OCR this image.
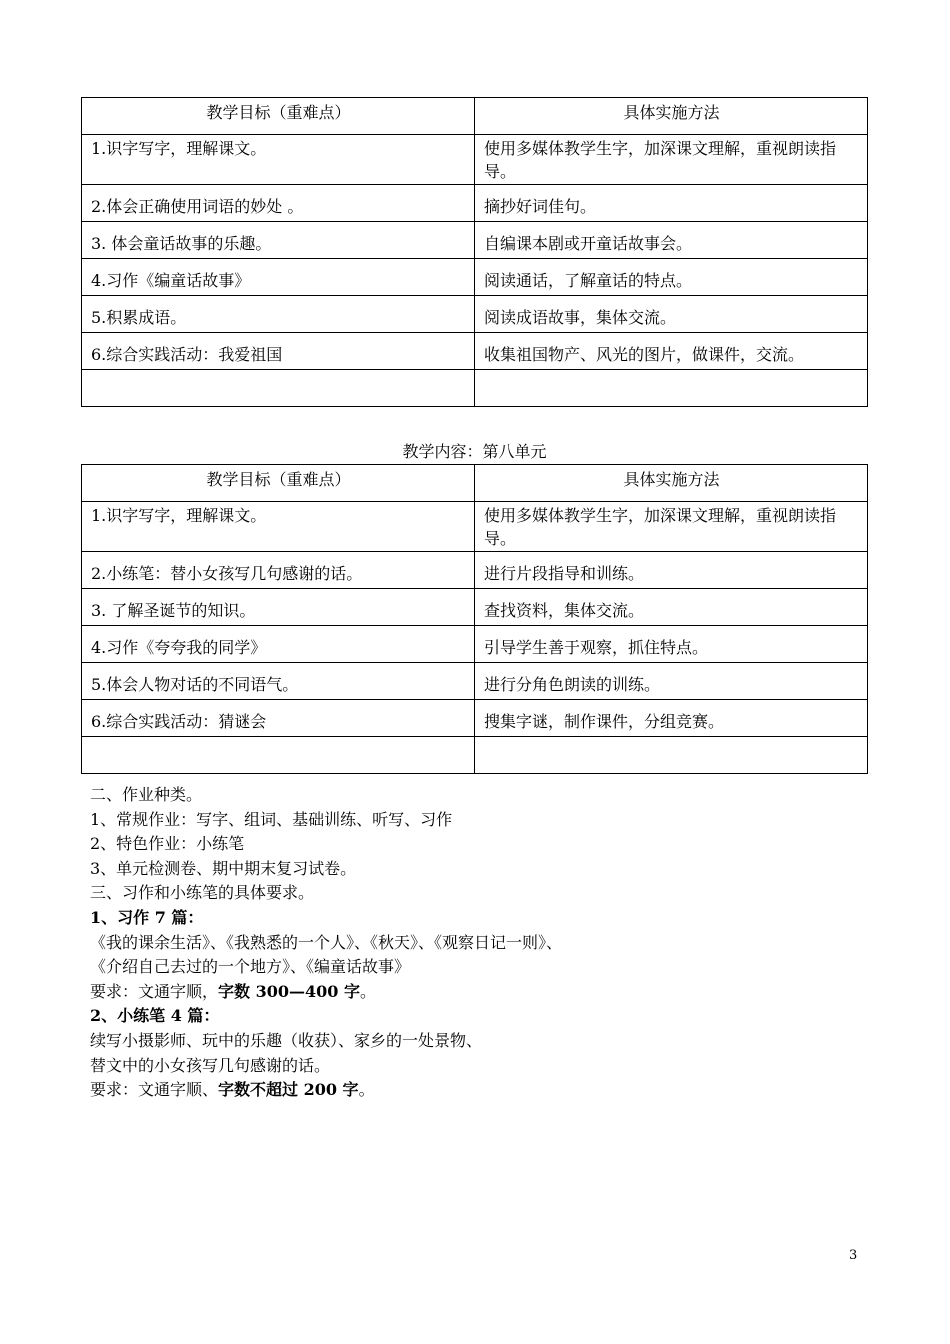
教学目标（重难点）	具体实施方法
1.识字写字，理解课文。	使用多媒体教学生字，加深课文理解，重视朗读指导。
2.体会正确使用词语的妙处 。	摘抄好词佳句。
3. 体会童话故事的乐趣。	自编课本剧或开童话故事会。
4.习作《编童话故事》	阅读通话，了解童话的特点。
5.积累成语。	阅读成语故事，集体交流。
6.综合实践活动：我爱祖国	收集祖国物产、风光的图片，做课件，交流。

教学内容：第八单元
教学目标（重难点）	具体实施方法
1.识字写字，理解课文。	使用多媒体教学生字，加深课文理解，重视朗读指导。
2.小练笔：替小女孩写几句感谢的话。	进行片段指导和训练。
3. 了解圣诞节的知识。	查找资料，集体交流。
4.习作《夸夸我的同学》	引导学生善于观察，抓住特点。
5.体会人物对话的不同语气。	进行分角色朗读的训练。
6.综合实践活动：猜谜会	搜集字谜，制作课件，分组竞赛。

二、作业种类。
1、常规作业：写字、组词、基础训练、听写、习作
2、特色作业：小练笔
3、单元检测卷、期中期末复习试卷。
三、习作和小练笔的具体要求。
1、习作 7 篇：
《我的课余生活》、《我熟悉的一个人》、《秋天》、《观察日记一则》、
《介绍自己去过的一个地方》、《编童话故事》
要求：文通字顺，字数 300—400 字。
2、小练笔 4 篇：
续写小摄影师、玩中的乐趣（收获）、家乡的一处景物、
替文中的小女孩写几句感谢的话。
要求：文通字顺、字数不超过 200 字。
3
